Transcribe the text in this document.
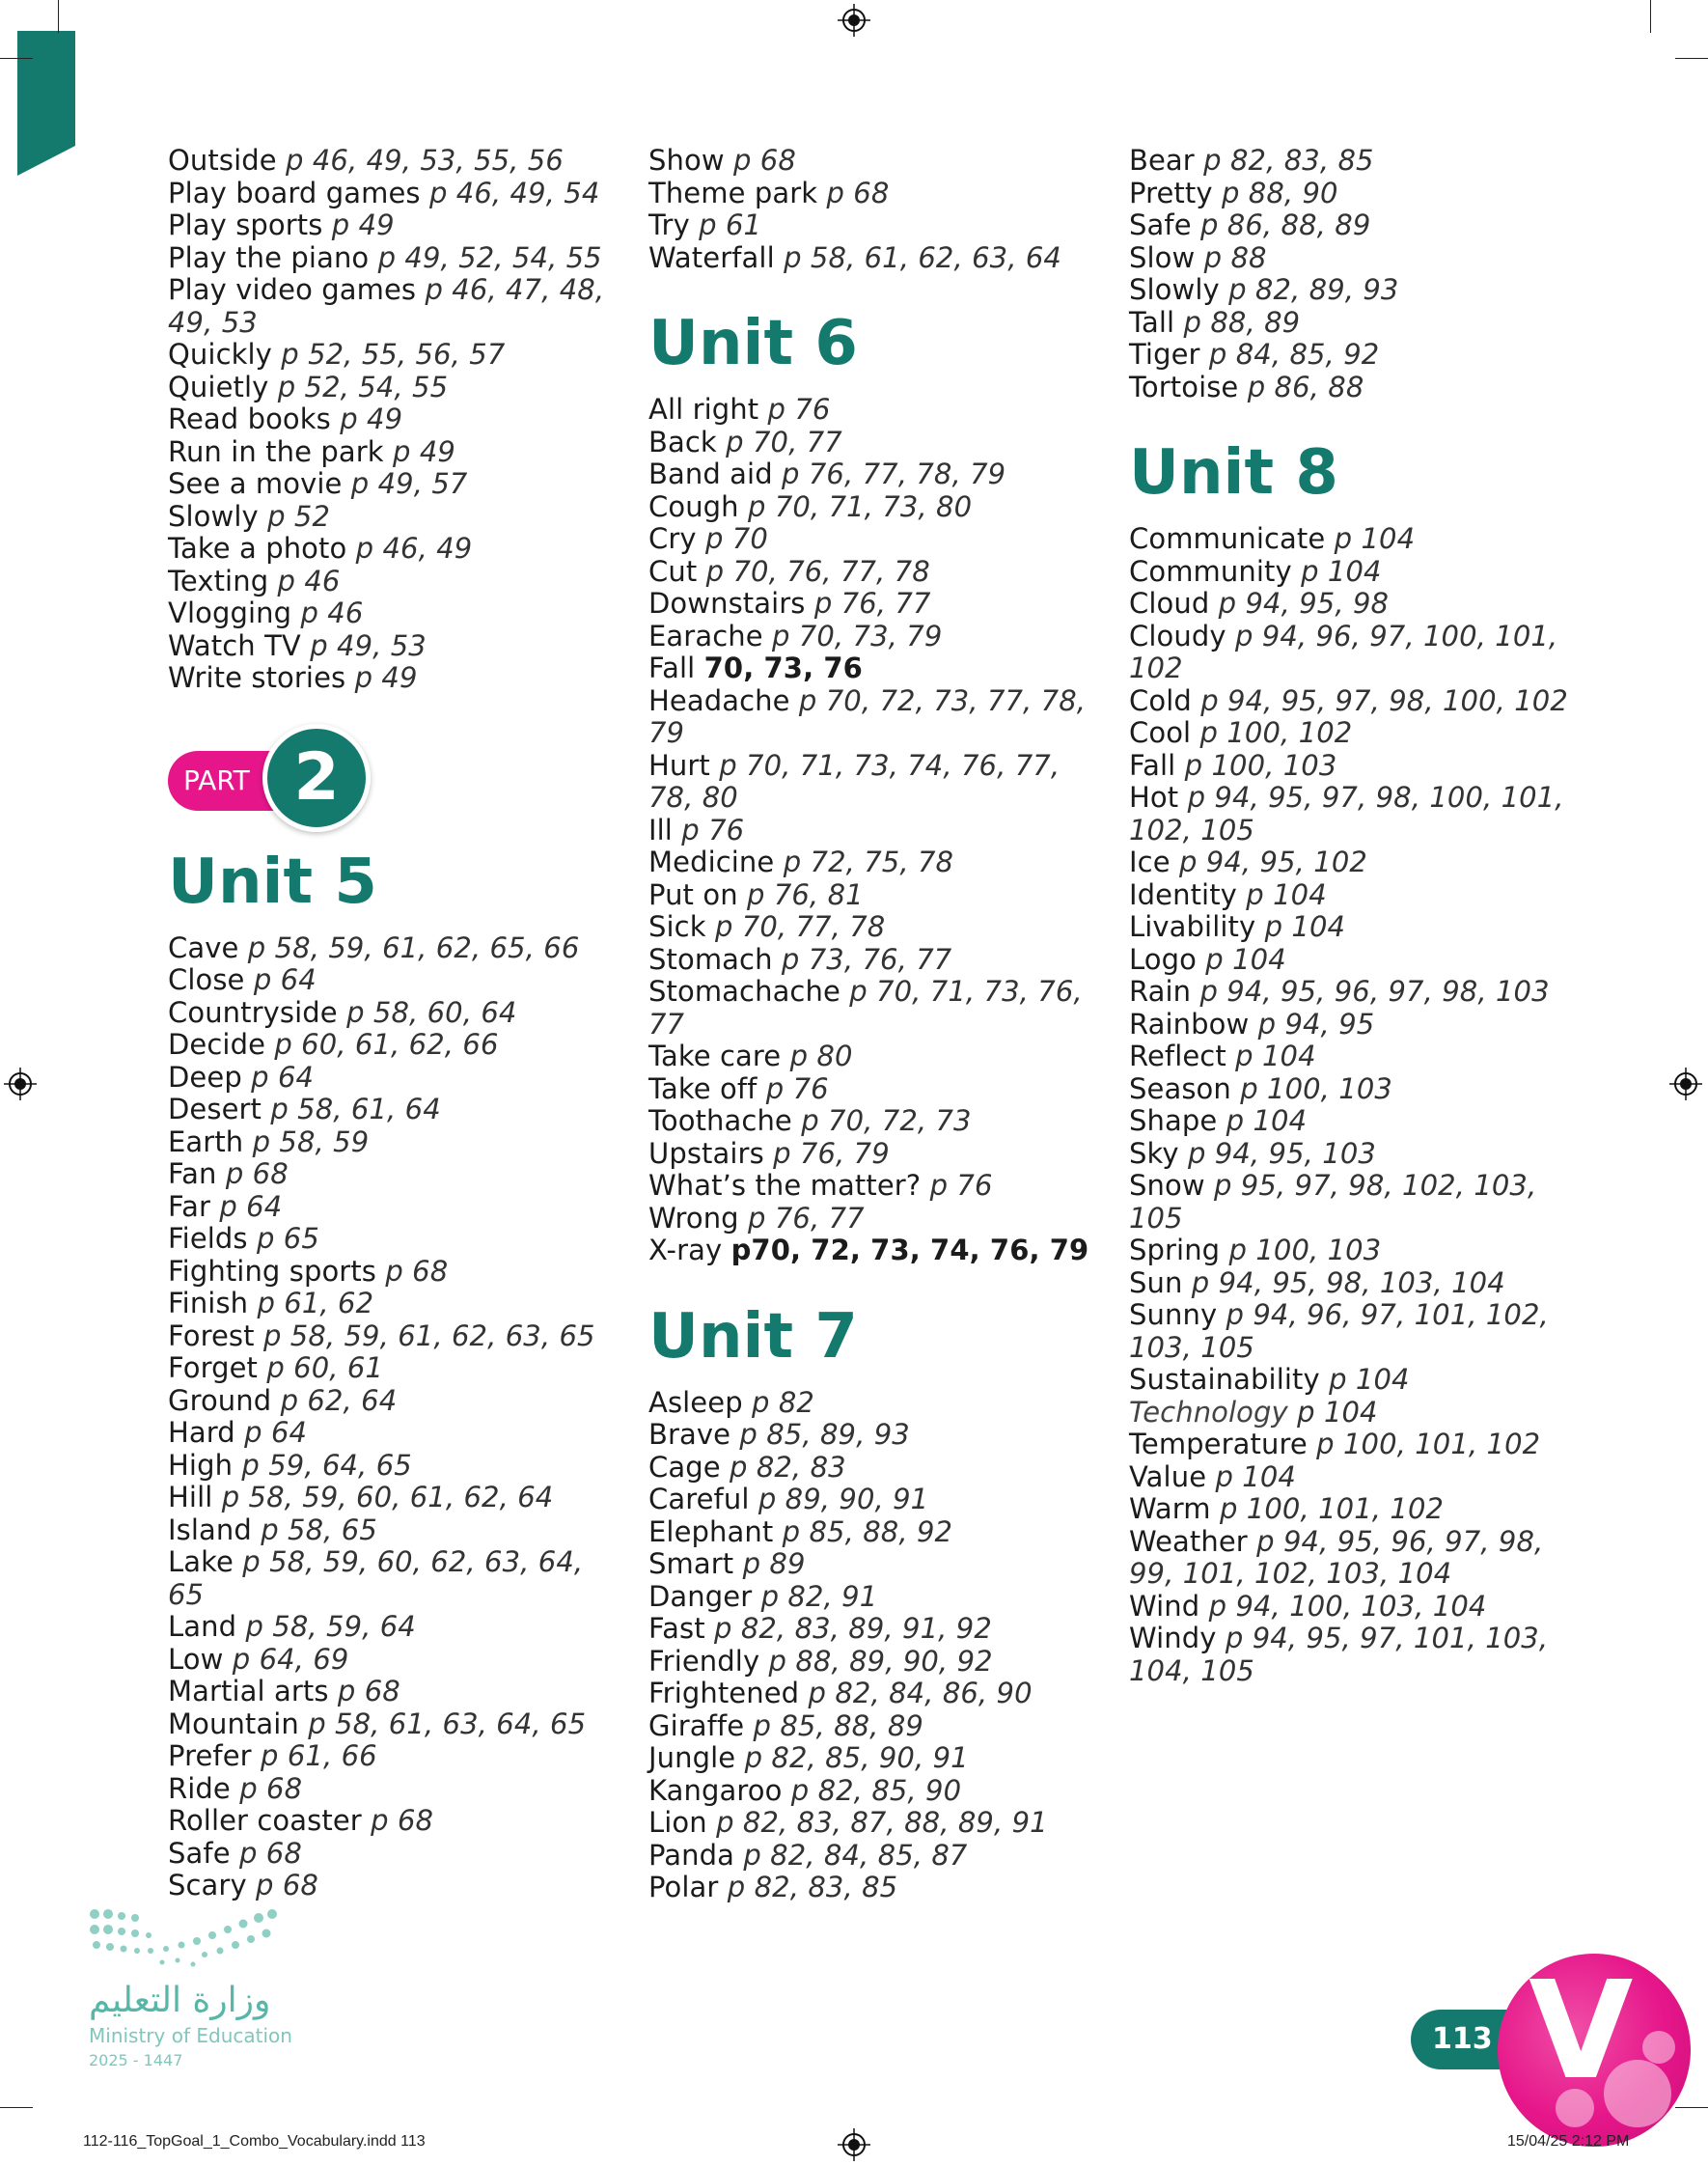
Outside p 46, 49, 53, 55, 56
Play board games p 46, 49, 54
Play sports p 49
Play the piano p 49, 52, 54, 55
Play video games p 46, 47, 48, 49, 53
Quickly p 52, 55, 56, 57
Quietly p 52, 54, 55
Read books p 49
Run in the park p 49
See a movie p 49, 57
Slowly p 52
Take a photo p 46, 49
Texting p 46
Vlogging p 46
Watch TV p 49, 53
Write stories p 49
PART 2
Unit 5
Cave p 58, 59, 61, 62, 65, 66
Close p 64
Countryside p 58, 60, 64
Decide p 60, 61, 62, 66
Deep p 64
Desert p 58, 61, 64
Earth p 58, 59
Fan p 68
Far p 64
Fields p 65
Fighting sports p 68
Finish p 61, 62
Forest p 58, 59, 61, 62, 63, 65
Forget p 60, 61
Ground p 62, 64
Hard p 64
High p 59, 64, 65
Hill p 58, 59, 60, 61, 62, 64
Island p 58, 65
Lake p 58, 59, 60, 62, 63, 64, 65
Land p 58, 59, 64
Low p 64, 69
Martial arts p 68
Mountain p 58, 61, 63, 64, 65
Prefer p 61, 66
Ride p 68
Roller coaster p 68
Safe p 68
Scary p 68
Show p 68
Theme park p 68
Try p 61
Waterfall p 58, 61, 62, 63, 64
Unit 6
All right p 76
Back p 70, 77
Band aid p 76, 77, 78, 79
Cough p 70, 71, 73, 80
Cry p 70
Cut p 70, 76, 77, 78
Downstairs p 76, 77
Earache p 70, 73, 79
Fall 70, 73, 76
Headache p 70, 72, 73, 77, 78, 79
Hurt p 70, 71, 73, 74, 76, 77, 78, 80
Ill p 76
Medicine p 72, 75, 78
Put on p 76, 81
Sick p 70, 77, 78
Stomach p 73, 76, 77
Stomachache p 70, 71, 73, 76, 77
Take care p 80
Take off p 76
Toothache p 70, 72, 73
Upstairs p 76, 79
What’s the matter? p 76
Wrong p 76, 77
X-ray p70, 72, 73, 74, 76, 79
Unit 7
Asleep p 82
Brave p 85, 89, 93
Cage p 82, 83
Careful p 89, 90, 91
Elephant p 85, 88, 92
Smart p 89
Danger p 82, 91
Fast p 82, 83, 89, 91, 92
Friendly p 88, 89, 90, 92
Frightened p 82, 84, 86, 90
Giraffe p 85, 88, 89
Jungle p 82, 85, 90, 91
Kangaroo p 82, 85, 90
Lion p 82, 83, 87, 88, 89, 91
Panda p 82, 84, 85, 87
Polar p 82, 83, 85
Bear p 82, 83, 85
Pretty p 88, 90
Safe p 86, 88, 89
Slow p 88
Slowly p 82, 89, 93
Tall p 88, 89
Tiger p 84, 85, 92
Tortoise p 86, 88
Unit 8
Communicate p 104
Community p 104
Cloud p 94, 95, 98
Cloudy p 94, 96, 97, 100, 101, 102
Cold p 94, 95, 97, 98, 100, 102
Cool p 100, 102
Fall p 100, 103
Hot p 94, 95, 97, 98, 100, 101, 102, 105
Ice p 94, 95, 102
Identity p 104
Livability p 104
Logo p 104
Rain p 94, 95, 96, 97, 98, 103
Rainbow p 94, 95
Reflect p 104
Season p 100, 103
Shape p 104
Sky p 94, 95, 103
Snow p 95, 97, 98, 102, 103, 105
Spring p 100, 103
Sun p 94, 95, 98, 103, 104
Sunny p 94, 96, 97, 101, 102, 103, 105
Sustainability p 104
Technology p 104
Temperature p 100, 101, 102
Value p 104
Warm p 100, 101, 102
Weather p 94, 95, 96, 97, 98, 99, 101, 102, 103, 104
Wind p 94, 100, 103, 104
Windy p 94, 95, 97, 101, 103, 104, 105
وزارة التعليم
Ministry of Education
2025 - 1447
113 V
112-116_TopGoal_1_Combo_Vocabulary.indd 113	15/04/25 2:12 PM
